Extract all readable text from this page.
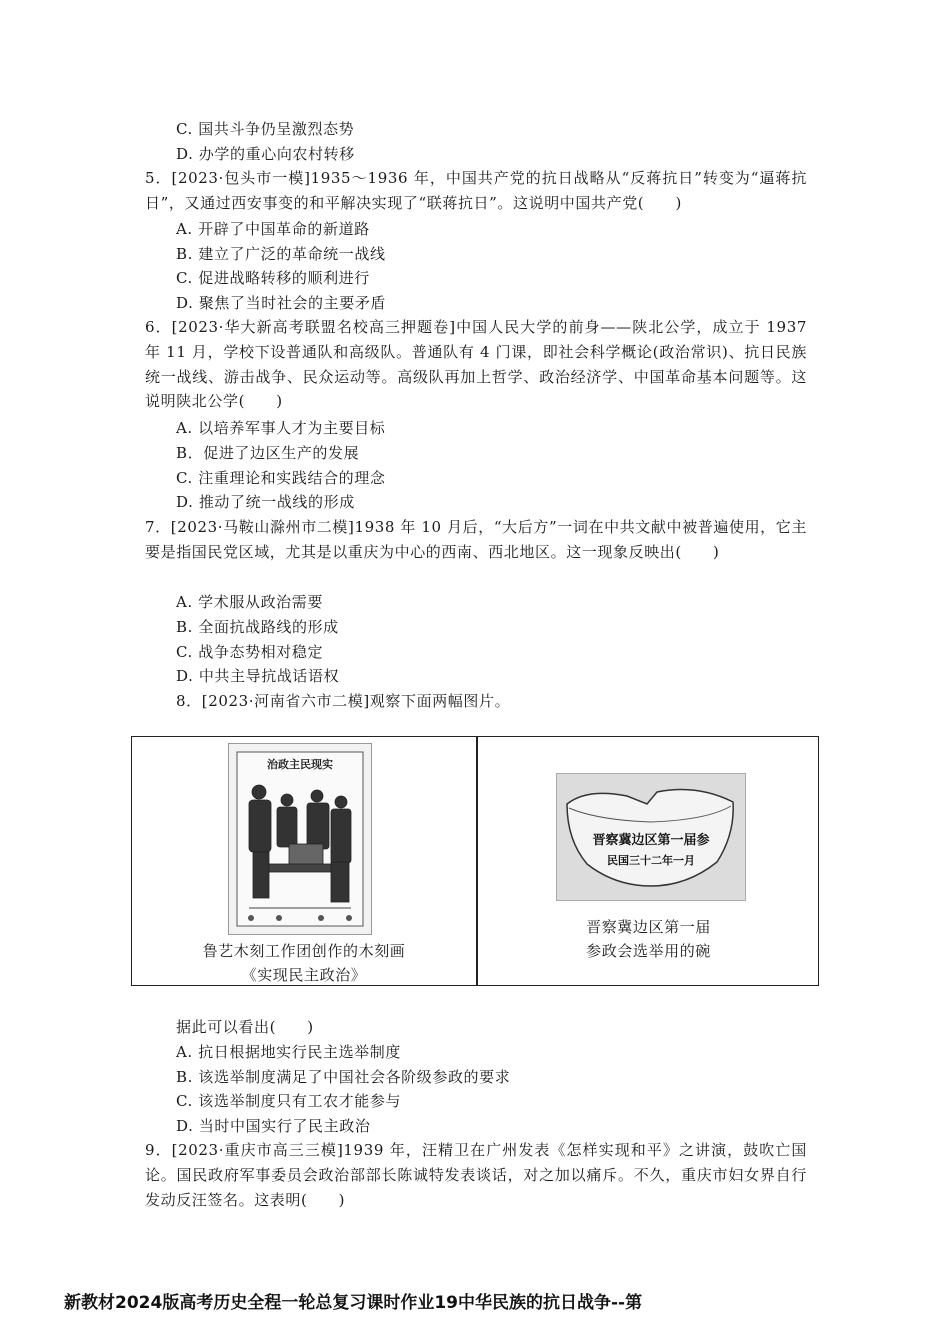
C. 国共斗争仍呈激烈态势
D. 办学的重心向农村转移
5．[2023·包头市一模]1935～1936 年，中国共产党的抗日战略从“反蒋抗日”转变为“逼蒋抗日”，又通过西安事变的和平解决实现了“联蒋抗日”。这说明中国共产党(　　)
A. 开辟了中国革命的新道路
B. 建立了广泛的革命统一战线
C. 促进战略转移的顺利进行
D. 聚焦了当时社会的主要矛盾
6．[2023·华大新高考联盟名校高三押题卷]中国人民大学的前身——陕北公学，成立于 1937 年 11 月，学校下设普通队和高级队。普通队有 4 门课，即社会科学概论(政治常识)、抗日民族统一战线、游击战争、民众运动等。高级队再加上哲学、政治经济学、中国革命基本问题等。这说明陕北公学(　　)
A. 以培养军事人才为主要目标
B．促进了边区生产的发展
C. 注重理论和实践结合的理念
D. 推动了统一战线的形成
7．[2023·马鞍山滁州市二模]1938 年 10 月后，“大后方”一词在中共文献中被普遍使用，它主要是指国民党区域，尤其是以重庆为中心的西南、西北地区。这一现象反映出(　　)
A. 学术服从政治需要
B. 全面抗战路线的形成
C. 战争态势相对稳定
D. 中共主导抗战话语权
8．[2023·河南省六市二模]观察下面两幅图片。
治政主民现实
鲁艺木刻工作团创作的木刻画
《实现民主政治》
晋察冀边区第一届参
民国三十二年一月
晋察冀边区第一届
参政会选举用的碗
据此可以看出(　　)
A. 抗日根据地实行民主选举制度
B. 该选举制度满足了中国社会各阶级参政的要求
C. 该选举制度只有工农才能参与
D. 当时中国实行了民主政治
9．[2023·重庆市高三三模]1939 年，汪精卫在广州发表《怎样实现和平》之讲演，鼓吹亡国论。国民政府军事委员会政治部部长陈诚特发表谈话，对之加以痛斥。不久，重庆市妇女界自行发动反汪签名。这表明(　　)
新教材2024版高考历史全程一轮总复习课时作业19中华民族的抗日战争--第
